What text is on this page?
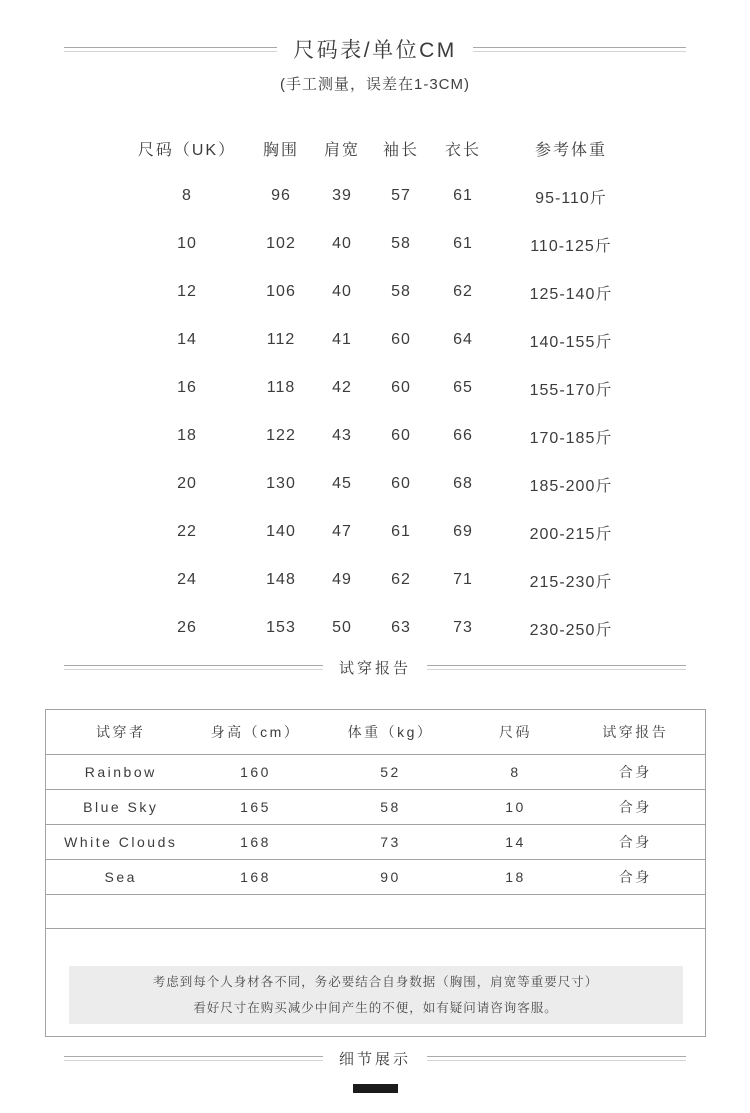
尺码表/单位CM
(手工测量，误差在1-3CM)
尺码（UK）	胸围	肩宽	袖长	衣长	参考体重
8	96	39	57	61	95-110斤
10	102	40	58	61	110-125斤
12	106	40	58	62	125-140斤
14	112	41	60	64	140-155斤
16	118	42	60	65	155-170斤
18	122	43	60	66	170-185斤
20	130	45	60	68	185-200斤
22	140	47	61	69	200-215斤
24	148	49	62	71	215-230斤
26	153	50	63	73	230-250斤
试穿报告
试穿者	身高（cm）	体重（kg）	尺码	试穿报告
Rainbow	160	52	8	合身
Blue Sky	165	58	10	合身
White Clouds	168	73	14	合身
Sea	168	90	18	合身

考虑到每个人身材各不同，务必要结合自身数据（胸围，肩宽等重要尺寸）
看好尺寸在购买减少中间产生的不便，如有疑问请咨询客服。				
细节展示
